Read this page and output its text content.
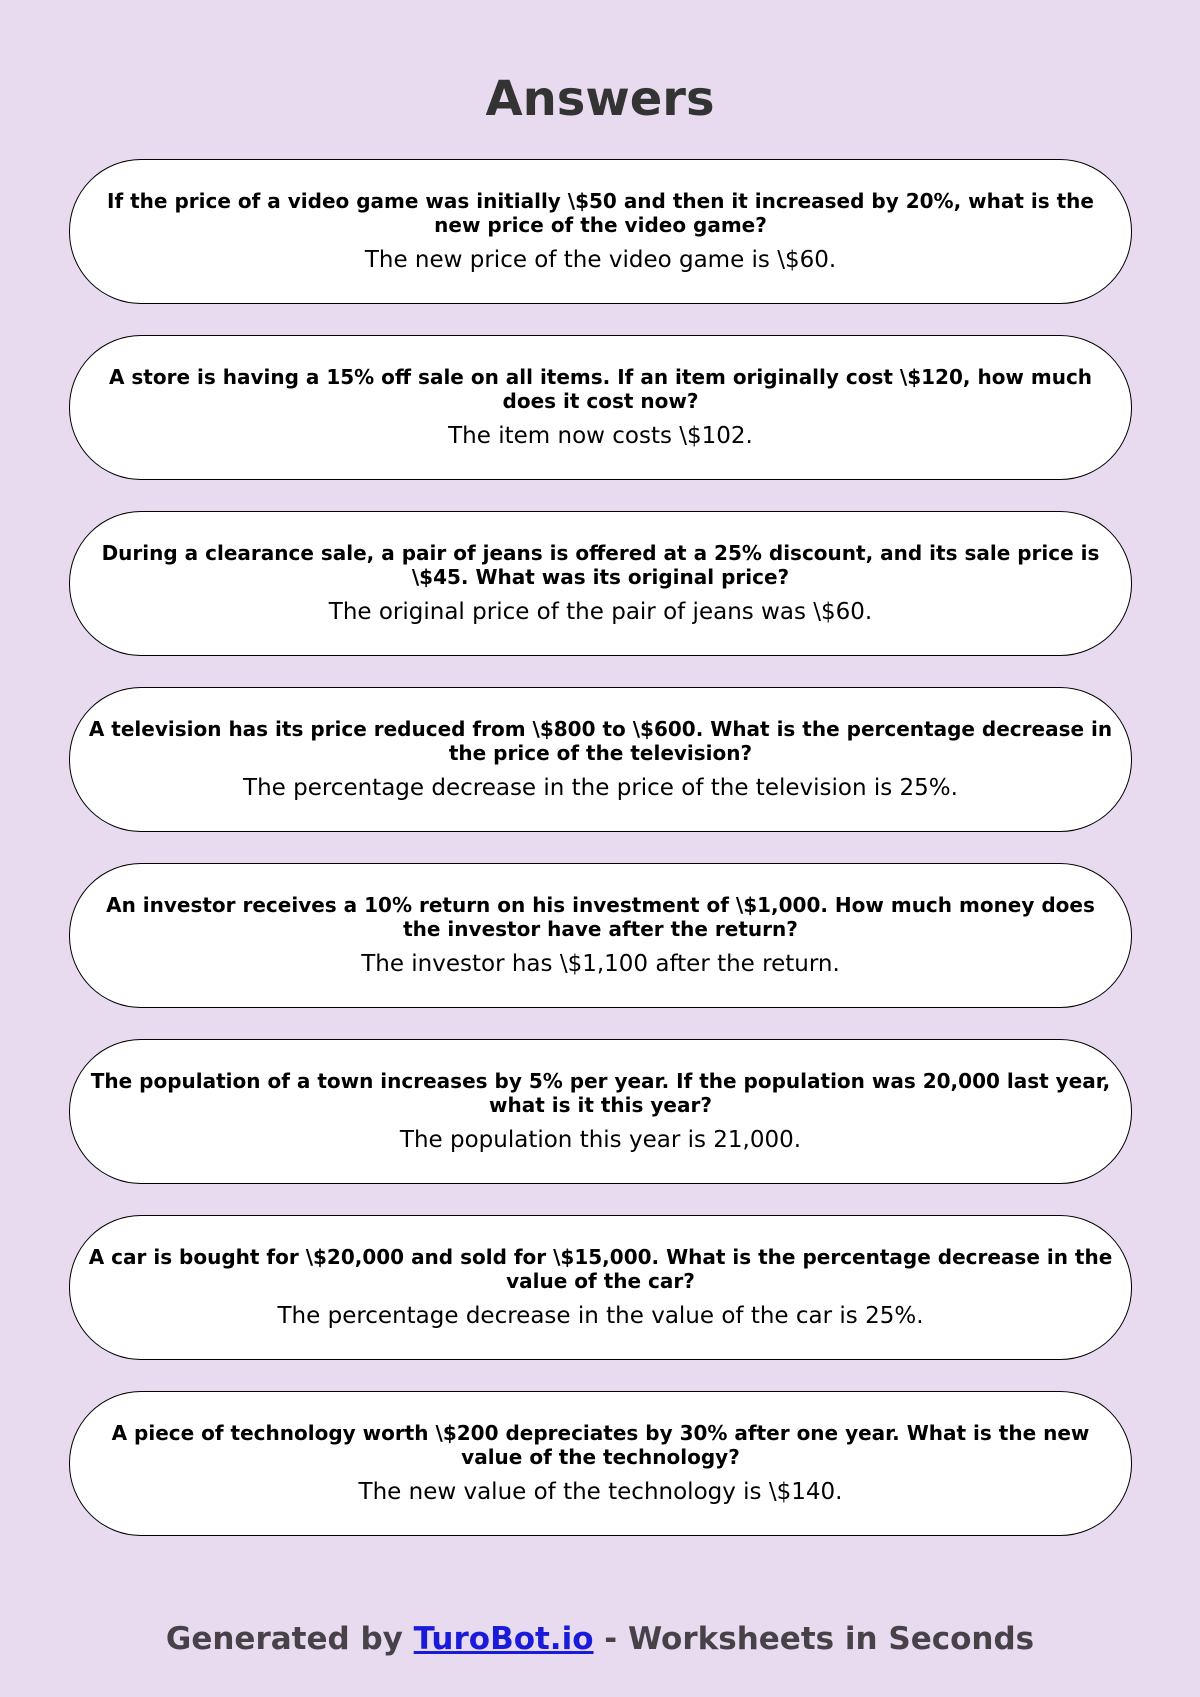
Answers

If the price of a video game was initially \$50 and then it increased by 20%, what is the new price of the video game?

The new price of the video game is \$60.

A store is having a 15% off sale on all items. If an item originally cost \$120, how much does it cost now?

The item now costs \$102.

During a clearance sale, a pair of jeans is offered at a 25% discount, and its sale price is \$45. What was its original price?

The original price of the pair of jeans was \$60.

A television has its price reduced from \$800 to \$600. What is the percentage decrease in the price of the television?

The percentage decrease in the price of the television is 25%.

An investor receives a 10% return on his investment of \$1,000. How much money does the investor have after the return?

The investor has \$1,100 after the return.

The population of a town increases by 5% per year. If the population was 20,000 last year, what is it this year?

The population this year is 21,000.

A car is bought for \$20,000 and sold for \$15,000. What is the percentage decrease in the value of the car?

The percentage decrease in the value of the car is 25%.

A piece of technology worth \$200 depreciates by 30% after one year. What is the new value of the technology?

The new value of the technology is \$140.

Generated by TuroBot.io - Worksheets in Seconds
